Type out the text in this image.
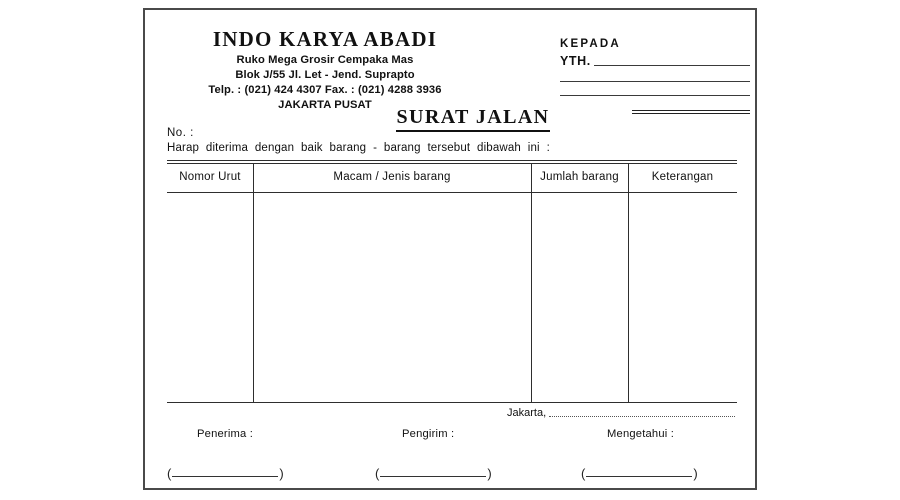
INDO KARYA ABADI
Ruko Mega Grosir Cempaka Mas
Blok J/55 Jl. Let - Jend. Suprapto
Telp. : (021) 424 4307 Fax. : (021) 4288 3936
JAKARTA PUSAT
KEPADA
YTH.
SURAT JALAN
No. :
Harap diterima dengan baik barang - barang tersebut dibawah ini :
Nomor Urut	Macam / Jenis barang	Jumlah barang	Keterangan
Jakarta,
Penerima :	Pengirim :	Mengetahui :
(	)	(	)	(	)
